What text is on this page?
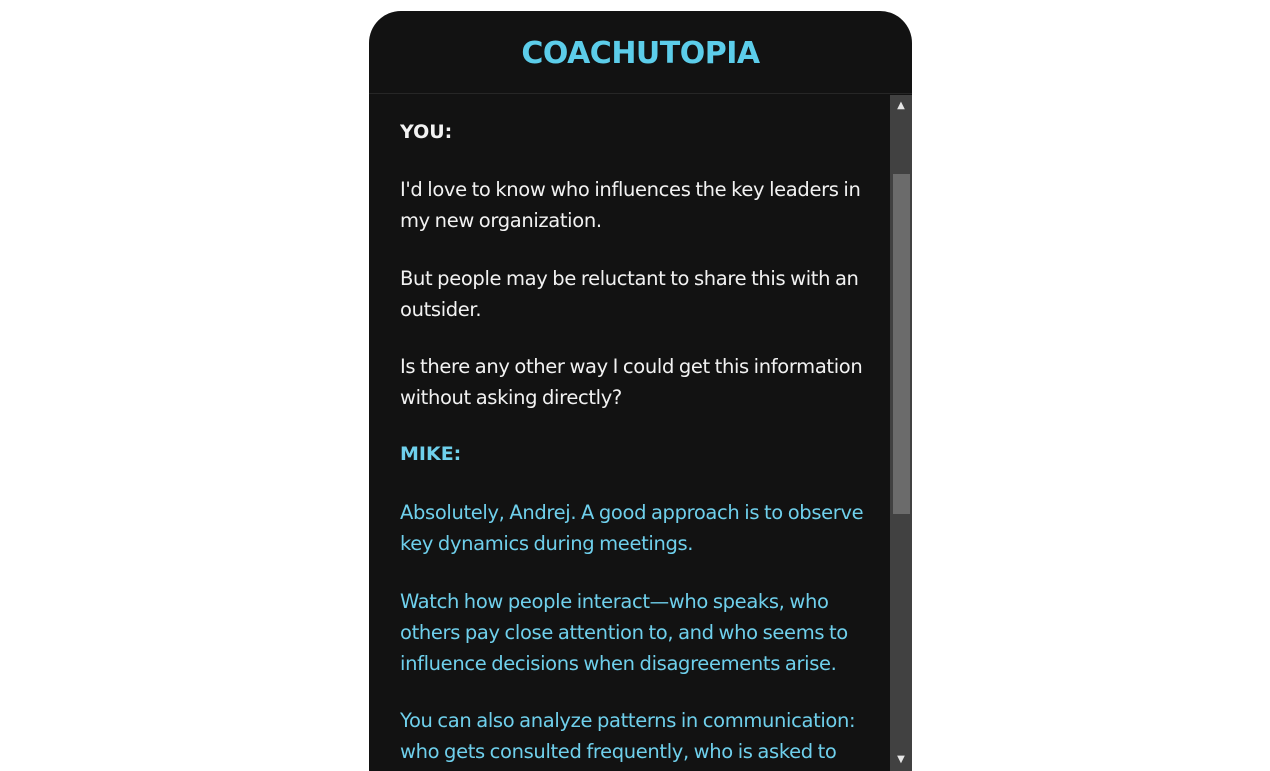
COACHUTOPIA
YOU:
I'd love to know who influences the key leaders in my new organization.
But people may be reluctant to share this with an outsider.
Is there any other way I could get this information without asking directly?
MIKE:
Absolutely, Andrej. A good approach is to observe key dynamics during meetings.
Watch how people interact—who speaks, who others pay close attention to, and who seems to influence decisions when disagreements arise.
You can also analyze patterns in communication: who gets consulted frequently, who is asked to
▲
▼
